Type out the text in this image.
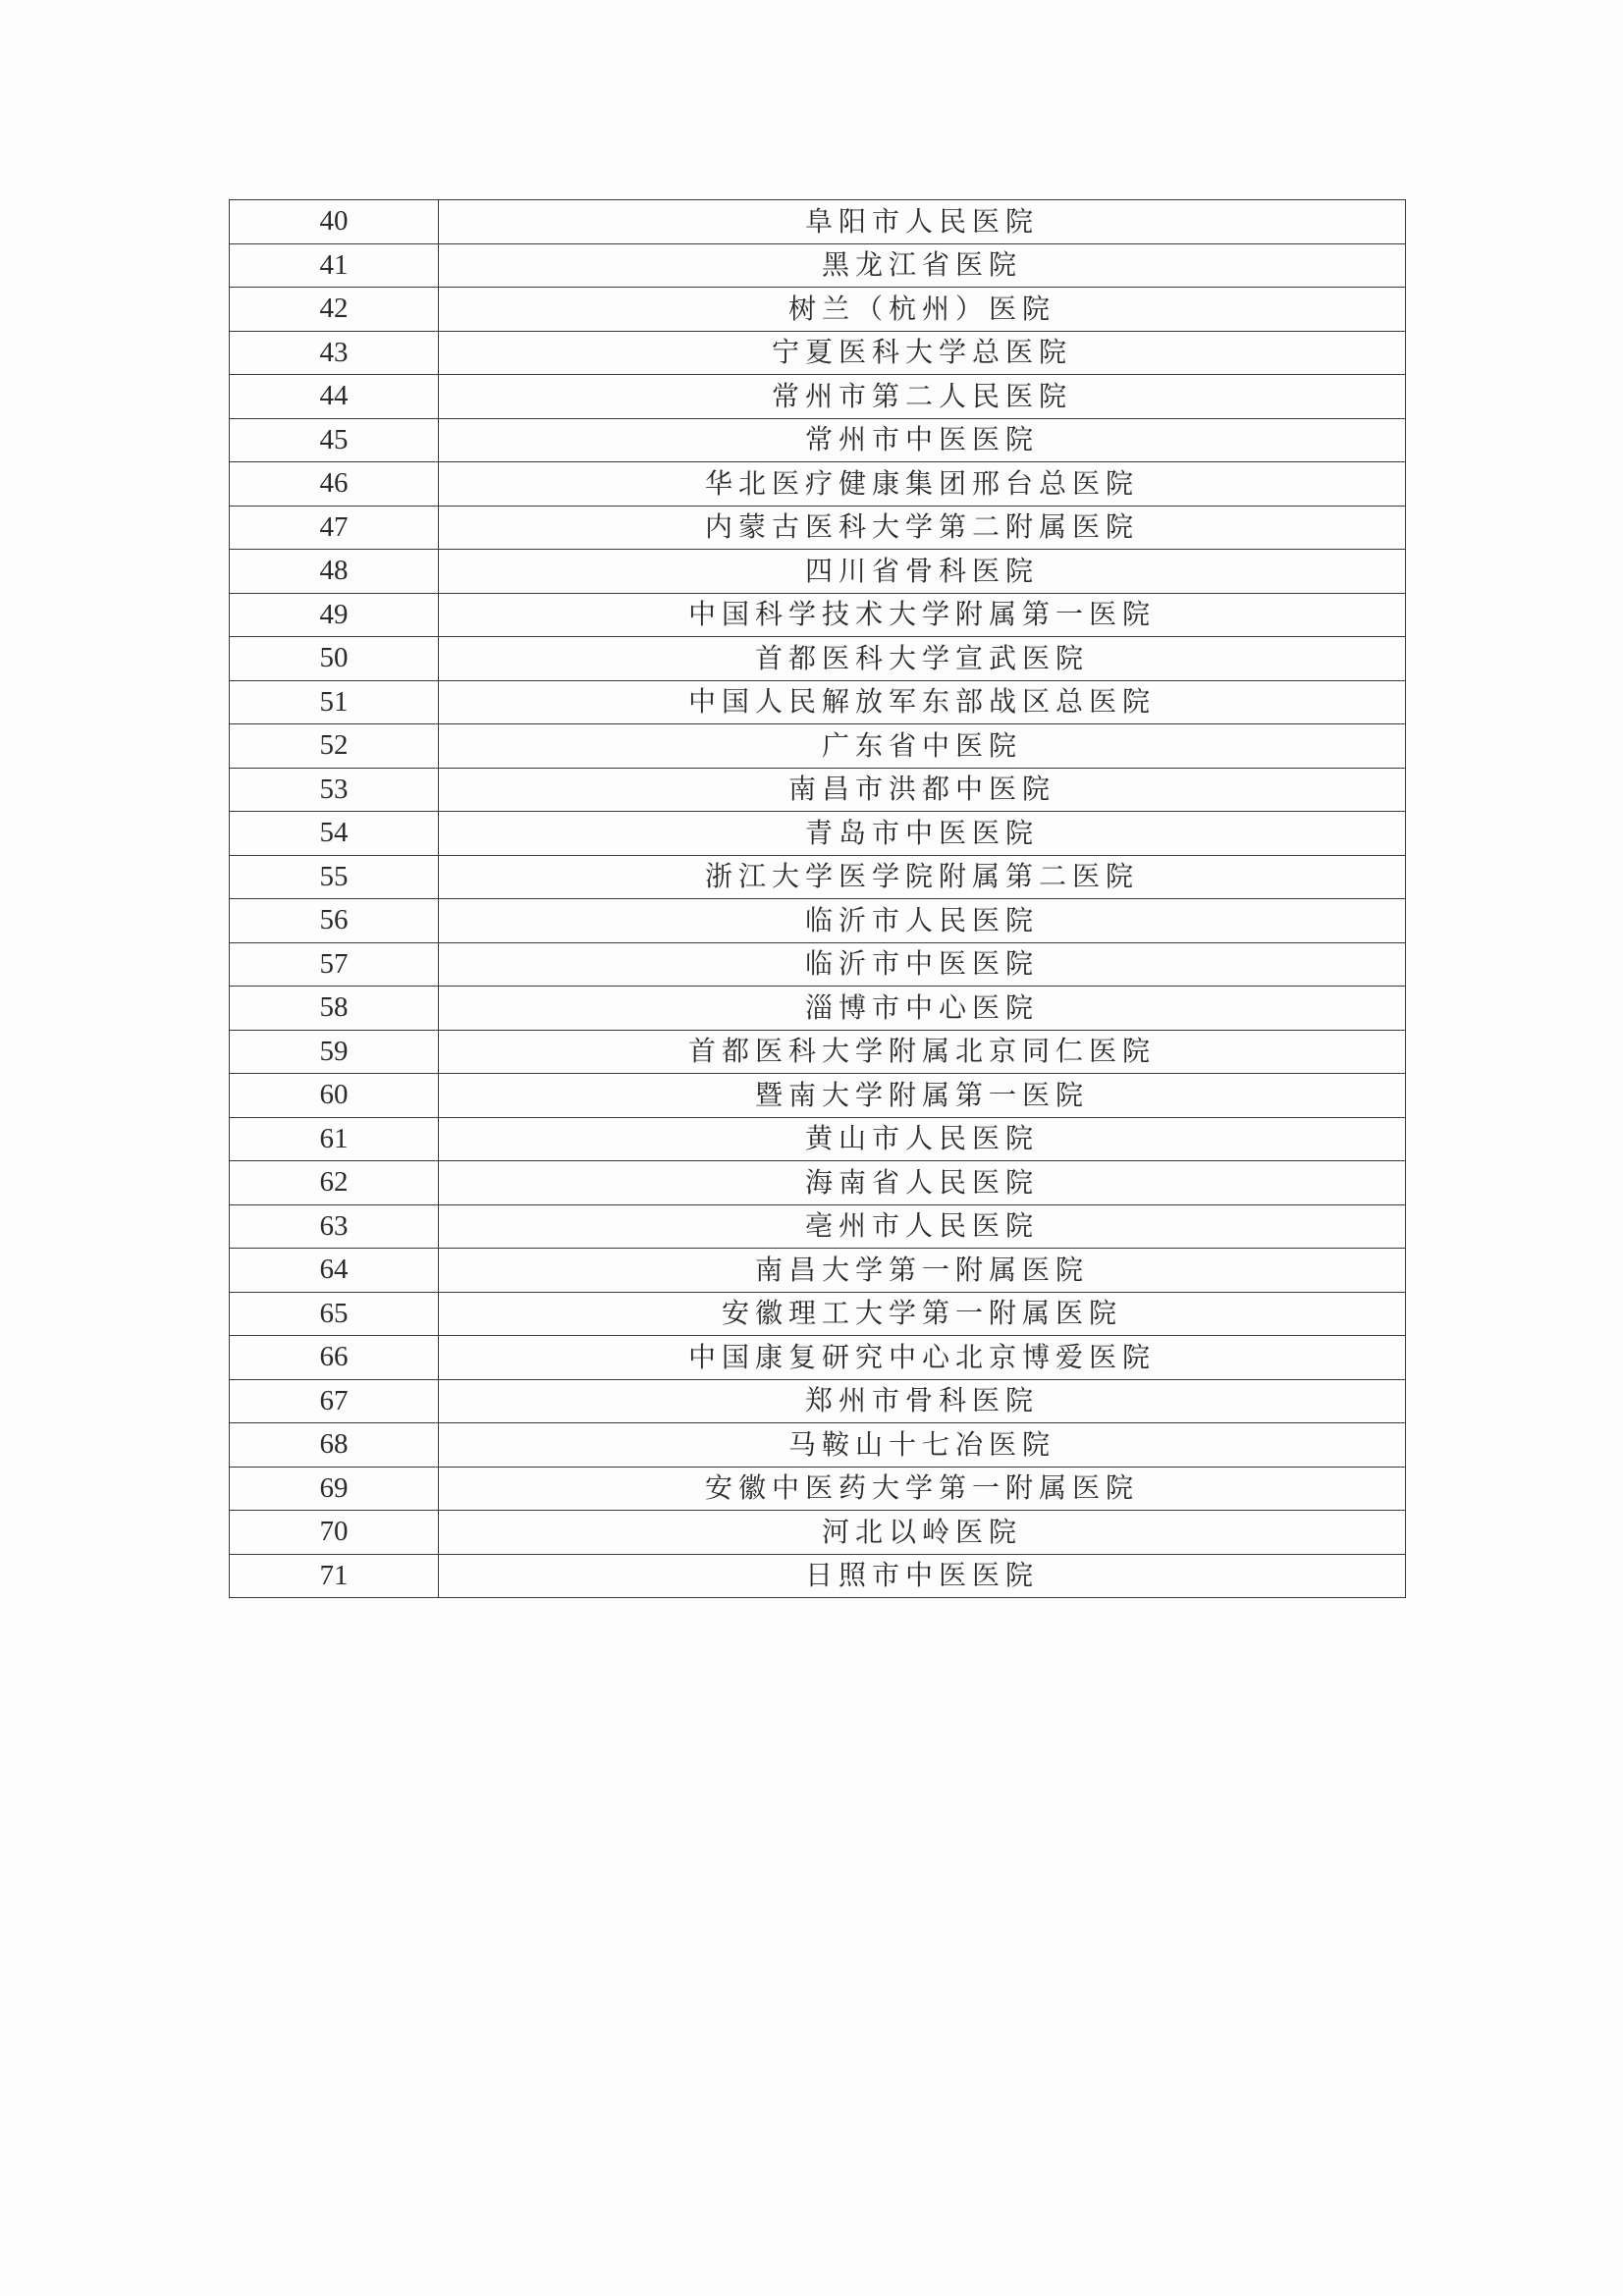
40	阜阳市人民医院
41	黑龙江省医院
42	树兰（杭州）医院
43	宁夏医科大学总医院
44	常州市第二人民医院
45	常州市中医医院
46	华北医疗健康集团邢台总医院
47	内蒙古医科大学第二附属医院
48	四川省骨科医院
49	中国科学技术大学附属第一医院
50	首都医科大学宣武医院
51	中国人民解放军东部战区总医院
52	广东省中医院
53	南昌市洪都中医院
54	青岛市中医医院
55	浙江大学医学院附属第二医院
56	临沂市人民医院
57	临沂市中医医院
58	淄博市中心医院
59	首都医科大学附属北京同仁医院
60	暨南大学附属第一医院
61	黄山市人民医院
62	海南省人民医院
63	亳州市人民医院
64	南昌大学第一附属医院
65	安徽理工大学第一附属医院
66	中国康复研究中心北京博爱医院
67	郑州市骨科医院
68	马鞍山十七冶医院
69	安徽中医药大学第一附属医院
70	河北以岭医院
71	日照市中医医院
